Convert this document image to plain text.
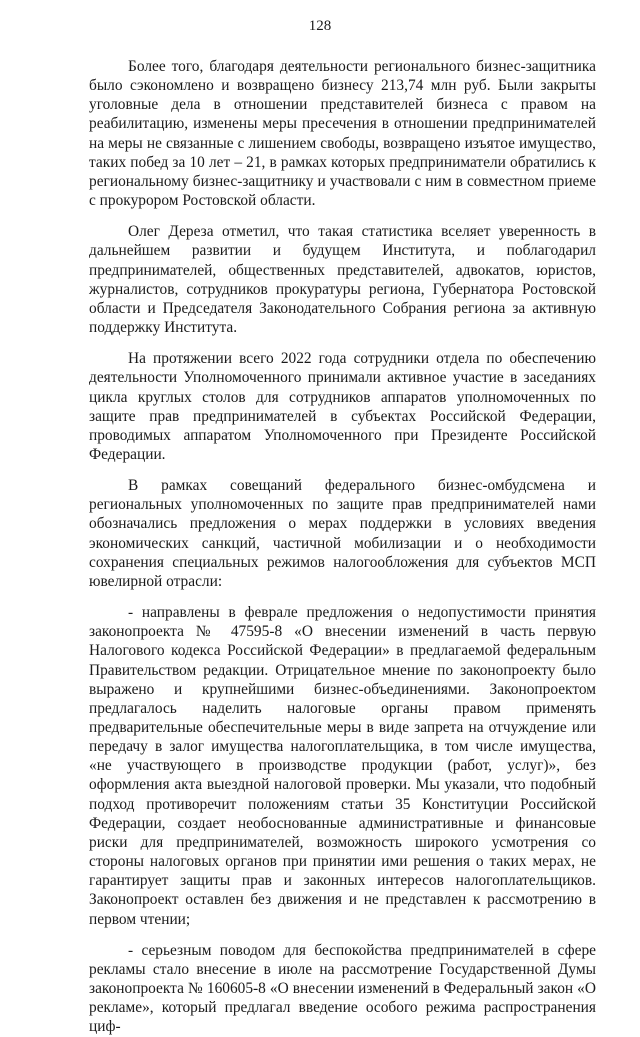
128

Более того, благодаря деятельности регионального бизнес-защитника было сэкономлено и возвращено бизнесу 213,74 млн руб. Были закрыты уголовные дела в отношении представителей бизнеса с правом на реабилитацию, изменены меры пресечения в отношении предпринимателей на меры не связанные с лишением свободы, возвращено изъятое имущество, таких побед за 10 лет – 21, в рамках которых предприниматели обратились к региональному бизнес-защитнику и участвовали с ним в совместном приеме с прокурором Ростовской области.

Олег Дереза отметил, что такая статистика вселяет уверенность в дальнейшем развитии и будущем Института, и поблагодарил предпринимателей, общественных представителей, адвокатов, юристов, журналистов, сотрудников прокуратуры региона, Губернатора Ростовской области и Председателя Законодательного Собрания региона за активную поддержку Института.

На протяжении всего 2022 года сотрудники отдела по обеспечению деятельности Уполномоченного принимали активное участие в заседаниях цикла круглых столов для сотрудников аппаратов уполномоченных по защите прав предпринимателей в субъектах Российской Федерации, проводимых аппаратом Уполномоченного при Президенте Российской Федерации.

В рамках совещаний федерального бизнес-омбудсмена и региональных уполномоченных по защите прав предпринимателей нами обозначались предложения о мерах поддержки в условиях введения экономических санкций, частичной мобилизации и о необходимости сохранения специальных режимов налогообложения для субъектов МСП ювелирной отрасли:

- направлены в феврале предложения о недопустимости принятия законопроекта № 47595-8 «О внесении изменений в часть первую Налогового кодекса Российской Федерации» в предлагаемой федеральным Правительством редакции. Отрицательное мнение по законопроекту было выражено и крупнейшими бизнес-объединениями. Законопроектом предлагалось наделить налоговые органы правом применять предварительные обеспечительные меры в виде запрета на отчуждение или передачу в залог имущества налогоплательщика, в том числе имущества, «не участвующего в производстве продукции (работ, услуг)», без оформления акта выездной налоговой проверки. Мы указали, что подобный подход противоречит положениям статьи 35 Конституции Российской Федерации, создает необоснованные административные и финансовые риски для предпринимателей, возможность широкого усмотрения со стороны налоговых органов при принятии ими решения о таких мерах, не гарантирует защиты прав и законных интересов налогоплательщиков. Законопроект оставлен без движения и не представлен к рассмотрению в первом чтении;

- серьезным поводом для беспокойства предпринимателей в сфере рекламы стало внесение в июле на рассмотрение Государственной Думы законопроекта № 160605-8 «О внесении изменений в Федеральный закон «О рекламе», который предлагал введение особого режима распространения циф-
